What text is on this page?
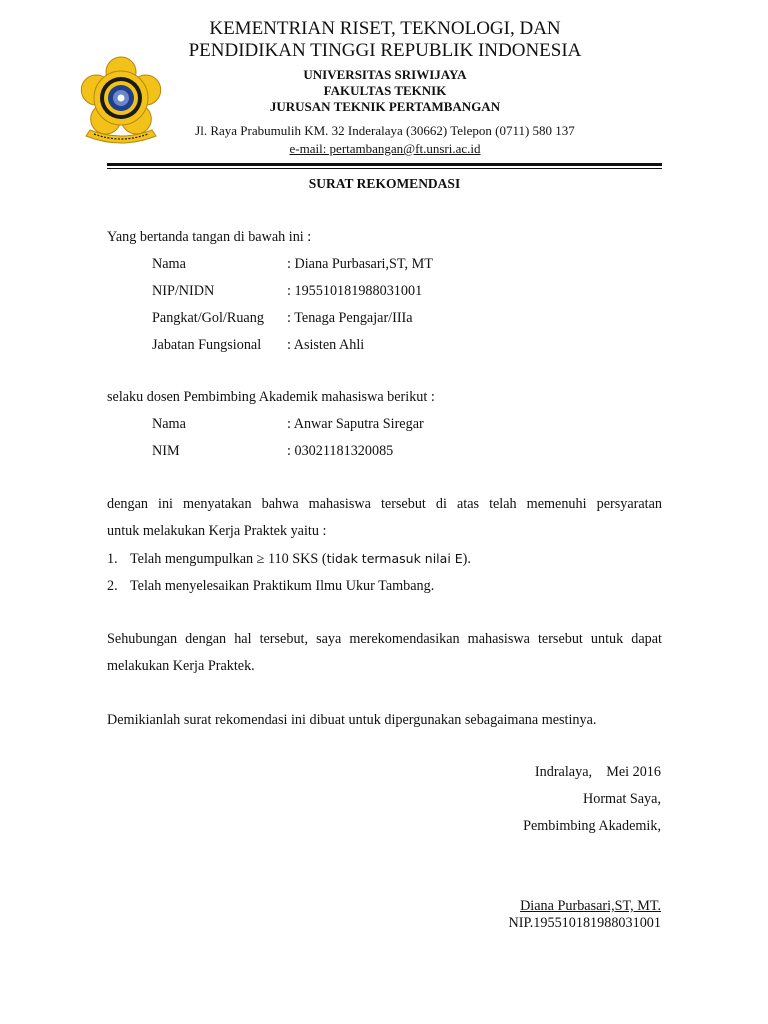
KEMENTRIAN RISET, TEKNOLOGI, DAN
PENDIDIKAN TINGGI REPUBLIK INDONESIA
UNIVERSITAS SRIWIJAYA
FAKULTAS TEKNIK
JURUSAN TEKNIK PERTAMBANGAN
Jl. Raya Prabumulih KM. 32 Inderalaya (30662) Telepon (0711) 580 137
e-mail: pertambangan@ft.unsri.ac.id
SURAT REKOMENDASI
Yang bertanda tangan di bawah ini :
Nama	: Diana Purbasari,ST, MT
NIP/NIDN	: 195510181988031001
Pangkat/Gol/Ruang : Tenaga Pengajar/IIIa
Jabatan Fungsional : Asisten Ahli
selaku dosen Pembimbing Akademik mahasiswa berikut :
Nama	: Anwar Saputra Siregar
NIM	: 03021181320085
dengan ini menyatakan bahwa mahasiswa tersebut di atas telah memenuhi persyaratan
untuk melakukan Kerja Praktek yaitu :
1. Telah mengumpulkan ≥ 110 SKS (tidak termasuk nilai E).
2. Telah menyelesaikan Praktikum Ilmu Ukur Tambang.
Sehubungan dengan hal tersebut, saya merekomendasikan mahasiswa tersebut untuk dapat
melakukan Kerja Praktek.
Demikianlah surat rekomendasi ini dibuat untuk dipergunakan sebagaimana mestinya.
Indralaya,    Mei 2016
Hormat Saya,
Pembimbing Akademik,
Diana Purbasari,ST, MT.
NIP.195510181988031001
